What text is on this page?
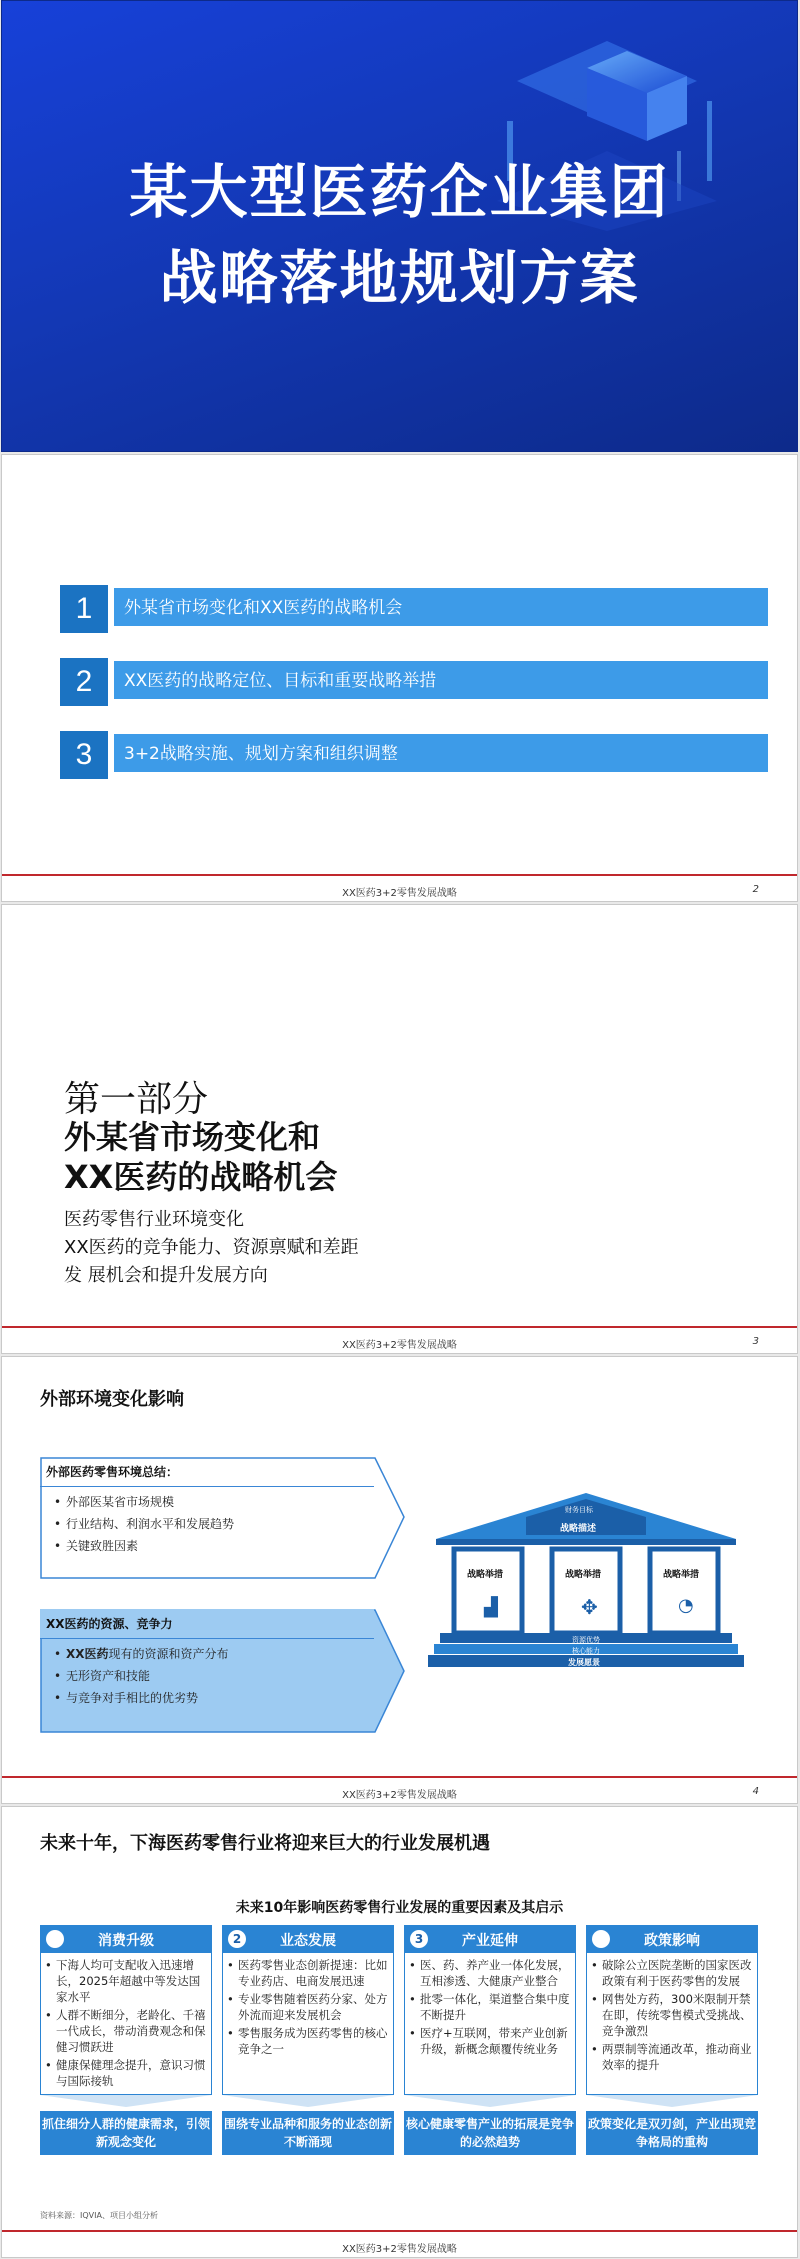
某大型医药企业集团
战略落地规划方案
1	外某省市场变化和XX医药的战略机会
2	XX医药的战略定位、目标和重要战略举措
3	3+2战略实施、规划方案和组织调整
XX医药3+2零售发展战略	2
第一部分
外某省市场变化和
XX医药的战略机会
医药零售行业环境变化
XX医药的竞争能力、资源禀赋和差距
发 展机会和提升发展方向
XX医药3+2零售发展战略	3
外部环境变化影响
外部医药零售环境总结：
• 外部医某省市场规模
• 行业结构、利润水平和发展趋势
• 关键致胜因素
XX医药的资源、竞争力
• XX医药现有的资源和资产分布
• 无形资产和技能
• 与竞争对手相比的优劣势
财务目标
战略描述
战略举措	战略举措	战略举措
▟	✥	◔
资源优势
核心能力
发展愿景
XX医药3+2零售发展战略	4
未来十年，下海医药零售行业将迎来巨大的行业发展机遇
未来10年影响医药零售行业发展的重要因素及其启示
消费升级
• 下海人均可支配收入迅速增长，2025年超越中等发达国家水平
• 人群不断细分，老龄化、千禧一代成长，带动消费观念和保健习惯跃进
• 健康保健理念提升，意识习惯与国际接轨
抓住细分人群的健康需求，引领新观念变化
2	业态发展
• 医药零售业态创新提速：比如专业药店、电商发展迅速
• 专业零售随着医药分家、处方外流而迎来发展机会
• 零售服务成为医药零售的核心竞争之一
围绕专业品种和服务的业态创新不断涌现
3	产业延伸
• 医、药、养产业一体化发展，互相渗透、大健康产业整合
• 批零一体化，渠道整合集中度不断提升
• 医疗+互联网，带来产业创新升级，新概念颠覆传统业务
核心健康零售产业的拓展是竞争的必然趋势
政策影响
• 破除公立医院垄断的国家医改政策有利于医药零售的发展
• 网售处方药，300米限制开禁在即，传统零售模式受挑战、竞争激烈
• 两票制等流通改革，推动商业效率的提升
政策变化是双刃剑，产业出现竞争格局的重构
资料来源：IQVIA、项目小组分析
XX医药3+2零售发展战略
